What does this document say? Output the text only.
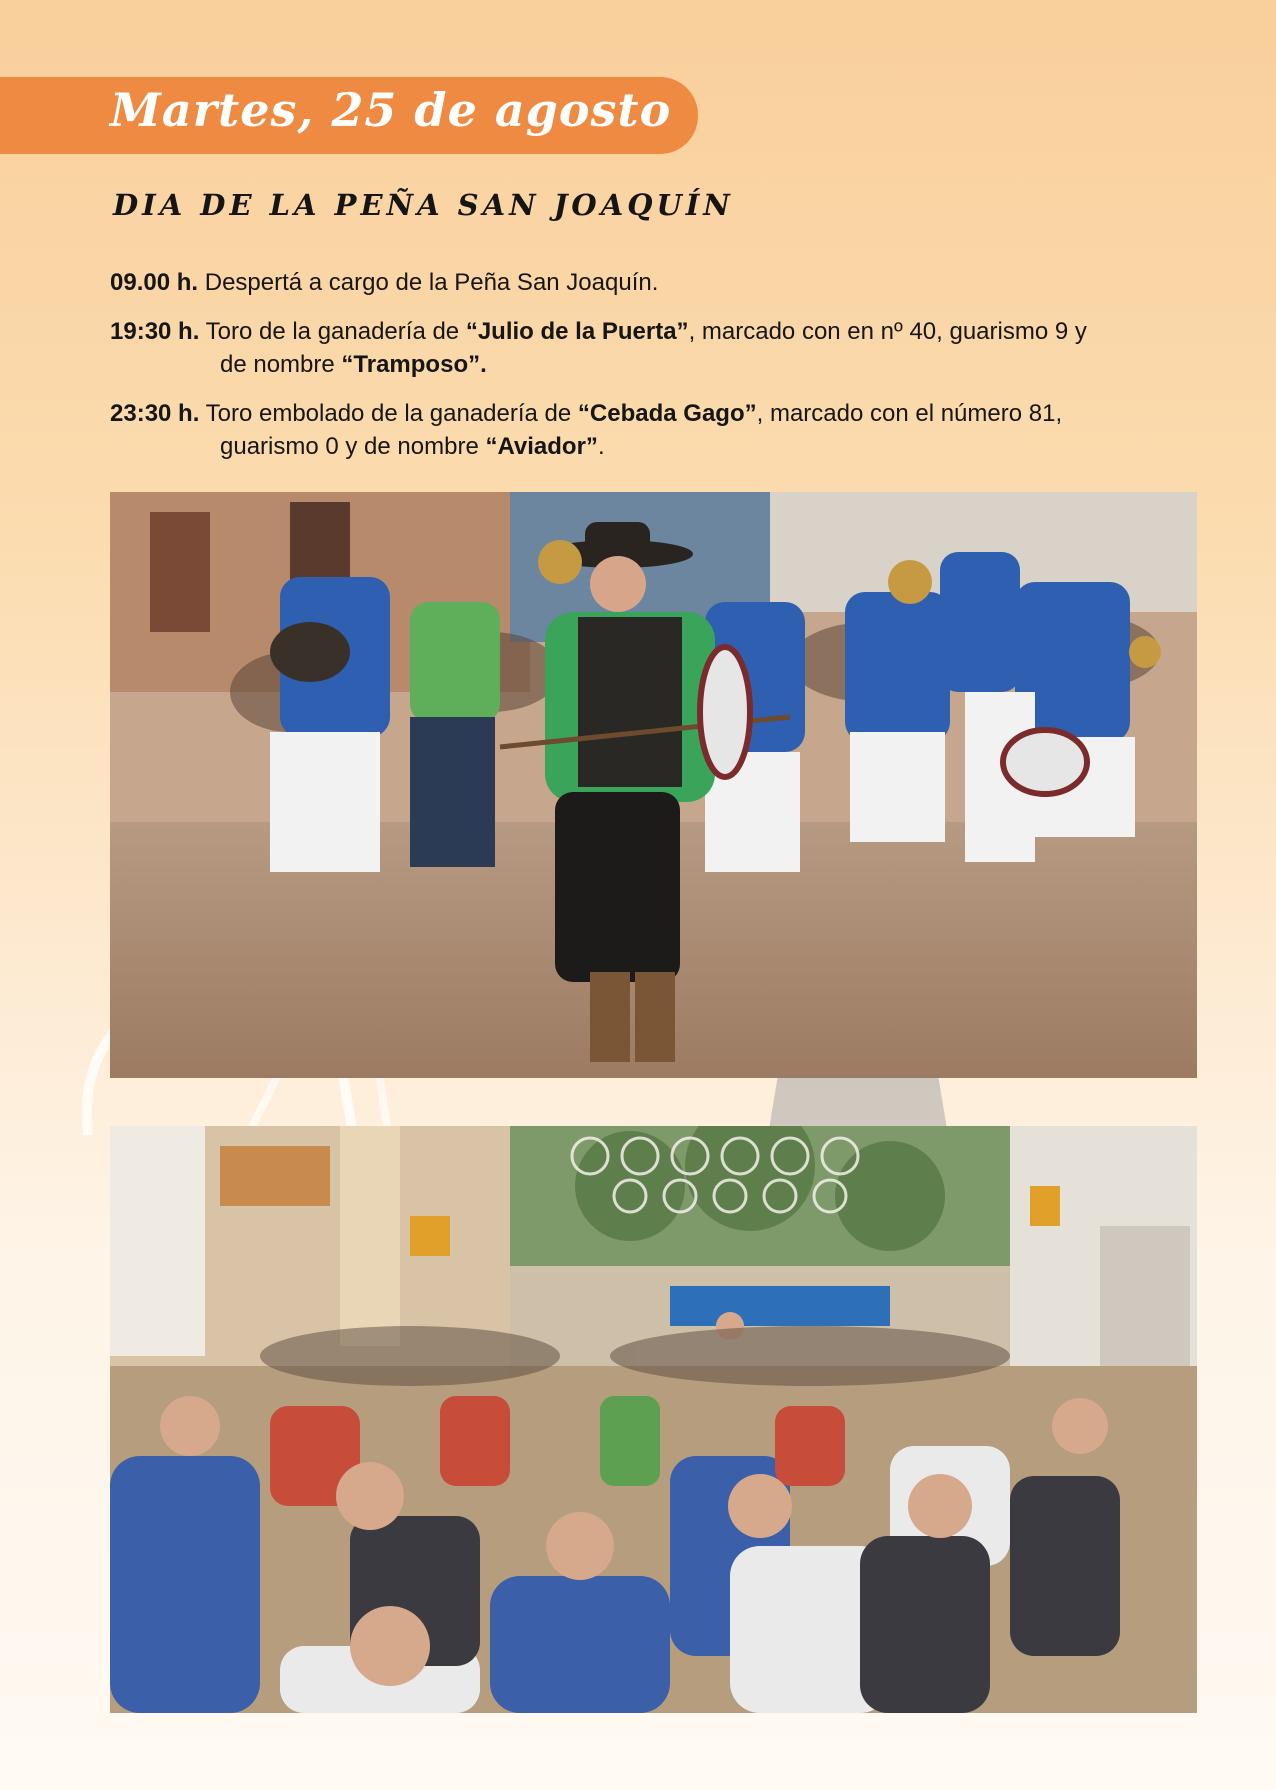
Martes, 25 de agosto
DIA DE LA PEÑA SAN JOAQUÍN
09.00 h. Despertá a cargo de la Peña San Joaquín.
19:30 h. Toro de la ganadería de “Julio de la Puerta”, marcado con en nº 40, guarismo 9 y
de nombre “Tramposo”.
23:30 h. Toro embolado de la ganadería de “Cebada Gago”, marcado con el número 81,
guarismo 0 y de nombre “Aviador”.
